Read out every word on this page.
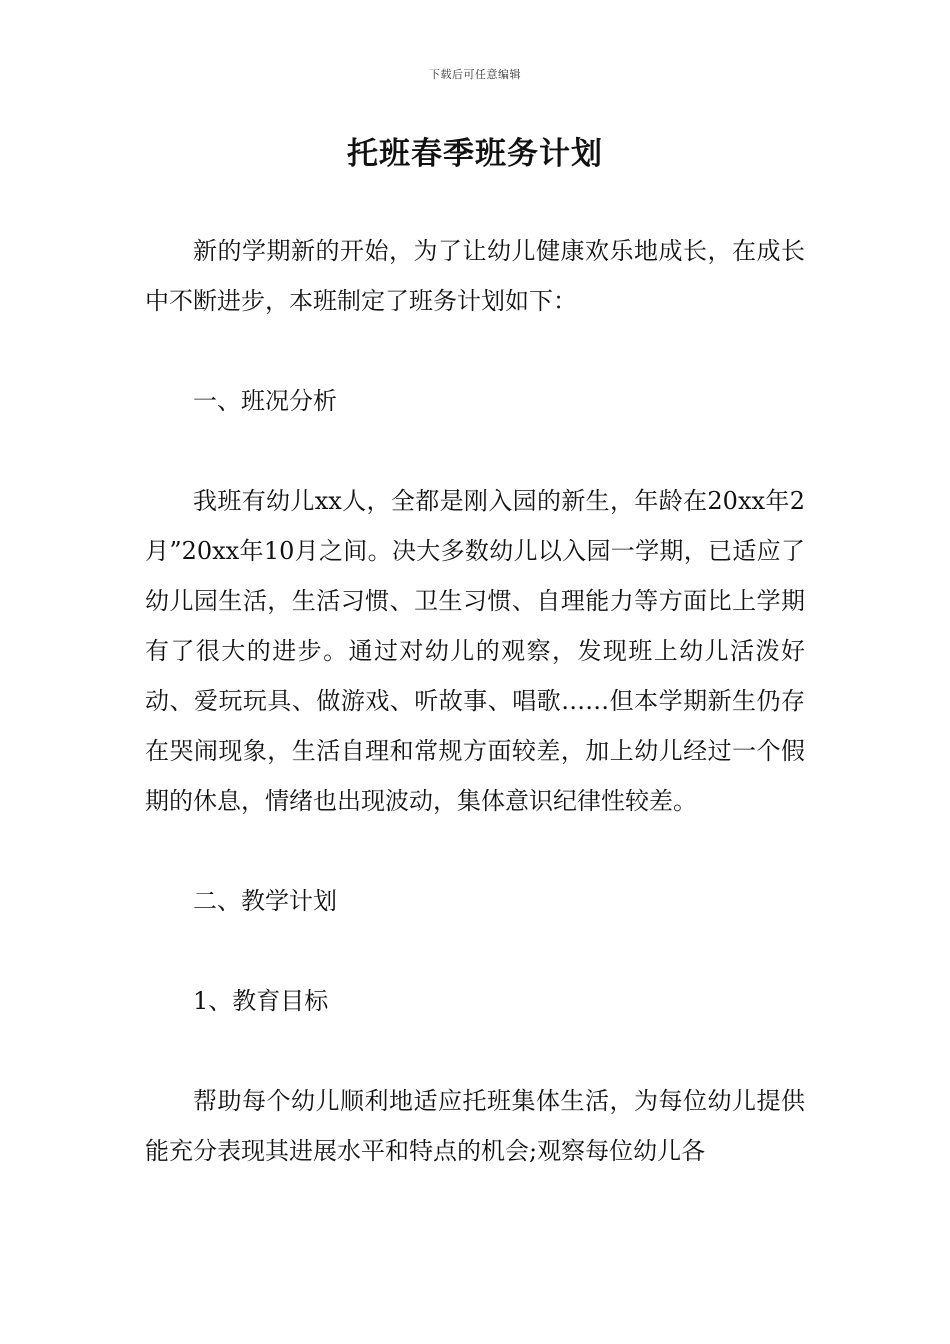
下载后可任意编辑
托班春季班务计划

新的学期新的开始，为了让幼儿健康欢乐地成长，在成长中不断进步，本班制定了班务计划如下：

一、班况分析

我班有幼儿xx人，全都是刚入园的新生，年龄在20xx年2月”20xx年10月之间。决大多数幼儿以入园一学期，已适应了幼儿园生活，生活习惯、卫生习惯、自理能力等方面比上学期有了很大的进步。通过对幼儿的观察，发现班上幼儿活泼好动、爱玩玩具、做游戏、听故事、唱歌……但本学期新生仍存在哭闹现象，生活自理和常规方面较差，加上幼儿经过一个假期的休息，情绪也出现波动，集体意识纪律性较差。

二、教学计划

1、教育目标

帮助每个幼儿顺利地适应托班集体生活，为每位幼儿提供能充分表现其进展水平和特点的机会;观察每位幼儿各
